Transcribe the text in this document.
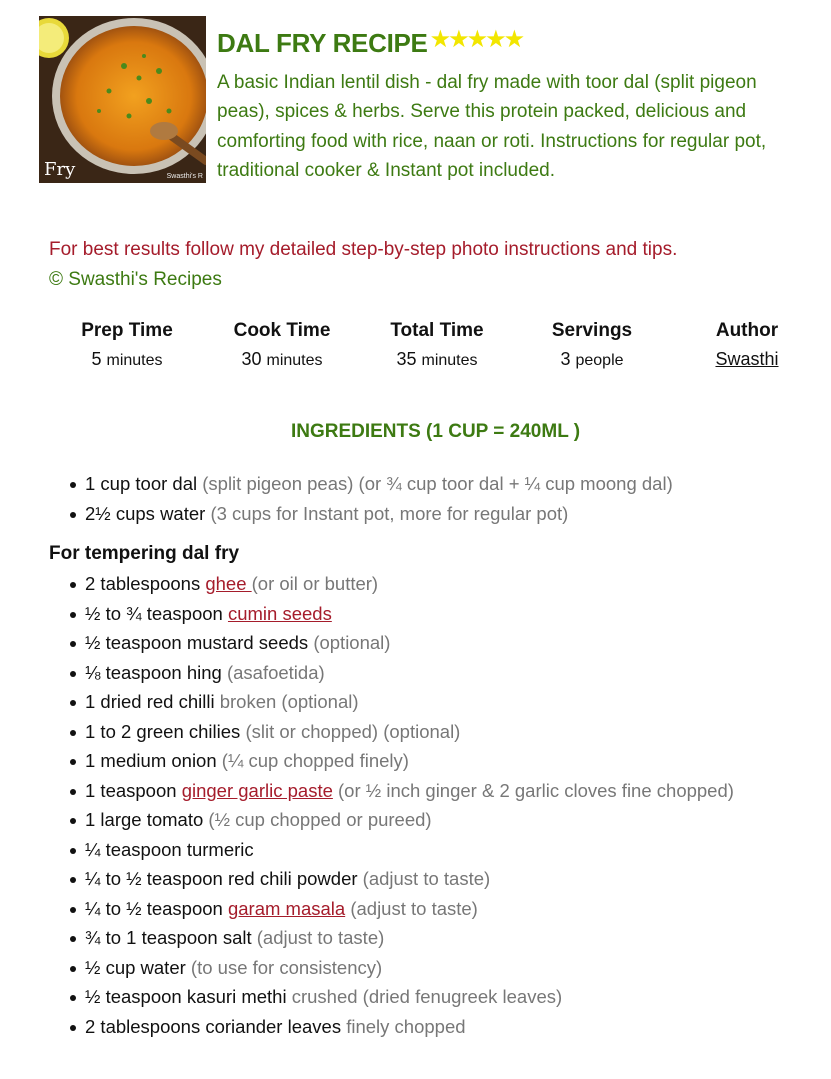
Fry	Swasthi's R
DAL FRY RECIPE ★
★
★
★
★
A basic Indian lentil dish - dal fry made with toor dal (split pigeon peas), spices & herbs. Serve this protein packed, delicious and comforting food with rice, naan or roti. Instructions for regular pot, traditional cooker & Instant pot included.
For best results follow my detailed step-by-step photo instructions and tips.
© Swasthi's Recipes
Prep Time
5 minutes
Cook Time
30 minutes
Total Time
35 minutes
Servings
3 people
Author
Swasthi
INGREDIENTS (1 CUP = 240ML )
1 cup toor dal (split pigeon peas) (or ¾ cup toor dal + ¼ cup moong dal)
2½ cups water (3 cups for Instant pot, more for regular pot)
For tempering dal fry
2 tablespoons ghee (or oil or butter)
½ to ¾ teaspoon cumin seeds
½ teaspoon mustard seeds (optional)
⅛ teaspoon hing (asafoetida)
1 dried red chilli broken (optional)
1 to 2 green chilies (slit or chopped) (optional)
1 medium onion (¼ cup chopped finely)
1 teaspoon ginger garlic paste (or ½ inch ginger & 2 garlic cloves fine chopped)
1 large tomato (½ cup chopped or pureed)
¼ teaspoon turmeric
¼ to ½ teaspoon red chili powder (adjust to taste)
¼ to ½ teaspoon garam masala (adjust to taste)
¾ to 1 teaspoon salt (adjust to taste)
½ cup water (to use for consistency)
½ teaspoon kasuri methi crushed (dried fenugreek leaves)
2 tablespoons coriander leaves finely chopped
